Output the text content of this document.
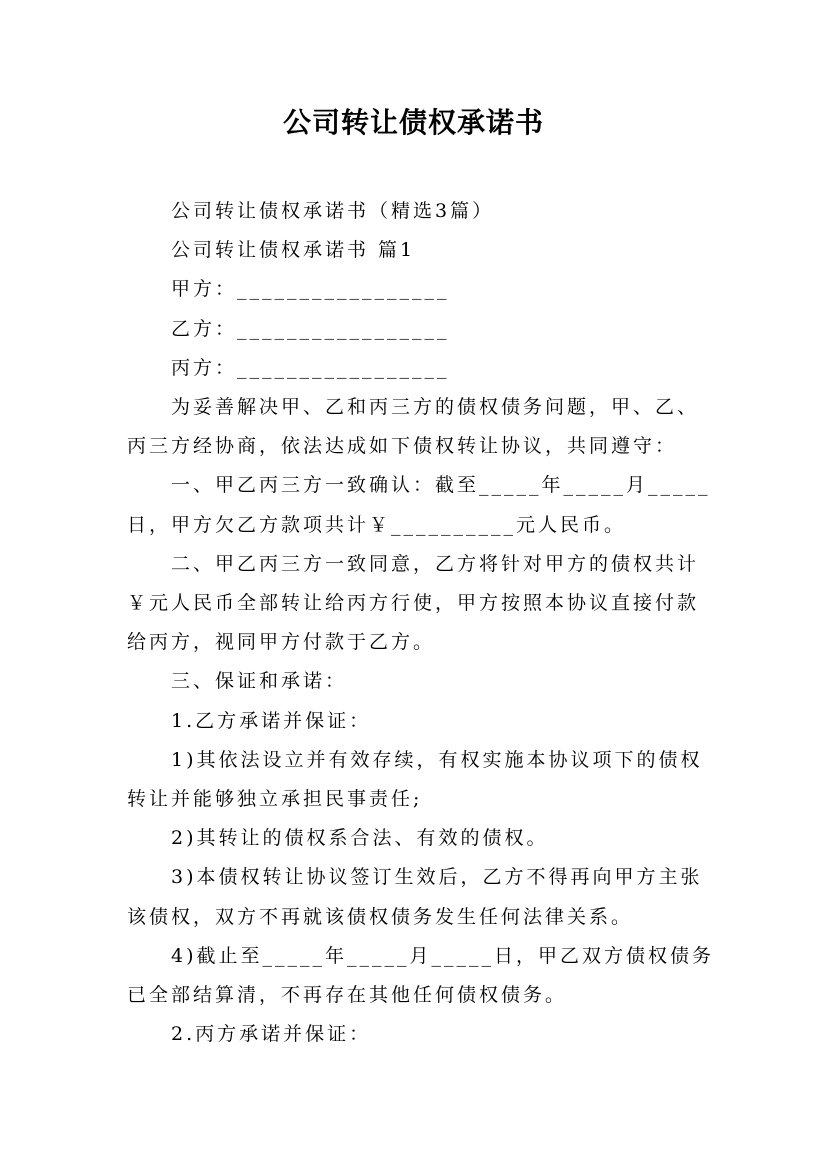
公司转让债权承诺书

公司转让债权承诺书（精选3篇）

公司转让债权承诺书 篇1

甲方：_________________

乙方：_________________

丙方：_________________

为妥善解决甲、乙和丙三方的债权债务问题，甲、乙、

丙三方经协商，依法达成如下债权转让协议，共同遵守：

一、甲乙丙三方一致确认：截至_____年_____月_____

日，甲方欠乙方款项共计￥__________元人民币。

二、甲乙丙三方一致同意，乙方将针对甲方的债权共计

￥元人民币全部转让给丙方行使，甲方按照本协议直接付款

给丙方，视同甲方付款于乙方。

三、保证和承诺：

1.乙方承诺并保证：

1)其依法设立并有效存续，有权实施本协议项下的债权

转让并能够独立承担民事责任;

2)其转让的债权系合法、有效的债权。

3)本债权转让协议签订生效后，乙方不得再向甲方主张

该债权，双方不再就该债权债务发生任何法律关系。

4)截止至_____年_____月_____日，甲乙双方债权债务

已全部结算清，不再存在其他任何债权债务。

2.丙方承诺并保证：
